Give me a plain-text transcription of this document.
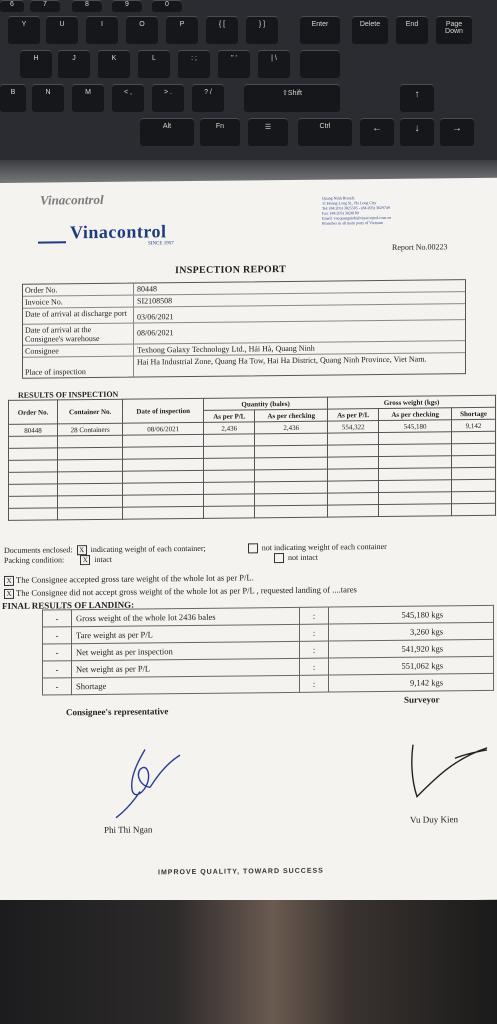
6	7	8	9	0
Y	U	I	O	P	{ [	} ]	Enter	Delete	End	Page Down
H	J	K	L	: ;	" '	| \
B	N	M	< ,	> .	? /	⇧Shift	↑
Alt	Fn	☰	Ctrl	←	↓	→
Vinacontrol
Vinacontrol
SINCE 1957
Quang Ninh Branch:
11 Hoang Long St., Ha Long City
Tel: (84.203) 3825505 - (84.203) 3629749
Fax: (84.203) 3828189
Email: vncquangninh@vinacontrol.com.vn
Branches in all main ports of Vietnam
Report No.00223
INSPECTION REPORT
Order No.	80448
Invoice No.	SI2108508
Date of arrival at discharge port	03/06/2021
Date of arrival at the Consignee's warehouse
08/06/2021
Consignee	Texhong Galaxy Technology Ltd., Hải Hà, Quang Ninh
Place of inspection
Hai Ha Industrial Zone, Quang Ha Tow, Hai Ha District, Quang Ninh Province, Viet Nam.
RESULTS OF INSPECTION
Order No.	Container No.	Date of inspection	Quantity (bales)		Gross weight (kgs)		
			As per P/L	As per checking	As per P/L	As per checking	Shortage
80448	28 Containers	08/06/2021	2,436	2,436	554,322	545,180	9,142

Documents enclosed: X indicating weight of each container;	not indicating weight of each container
Packing condition:	X intact	not intact
X The Consignee accepted gross tare weight of the whole lot as per P/L.
X The Consignee did not accept gross weight of the whole lot as per P/L , requested landing of ....tares
FINAL RESULTS OF LANDING:
-	Gross weight of the whole lot 2436 bales	:	545,180 kgs
-	Tare weight as per P/L	:	3,260 kgs
-	Net weight as per inspection	:	541,920 kgs
-	Net weight as per P/L	:	551,062 kgs
-	Shortage	:	9,142 kgs
Consignee's representative
Surveyor
Phi Thi Ngan
Vu Duy Kien
IMPROVE QUALITY, TOWARD SUCCESS
